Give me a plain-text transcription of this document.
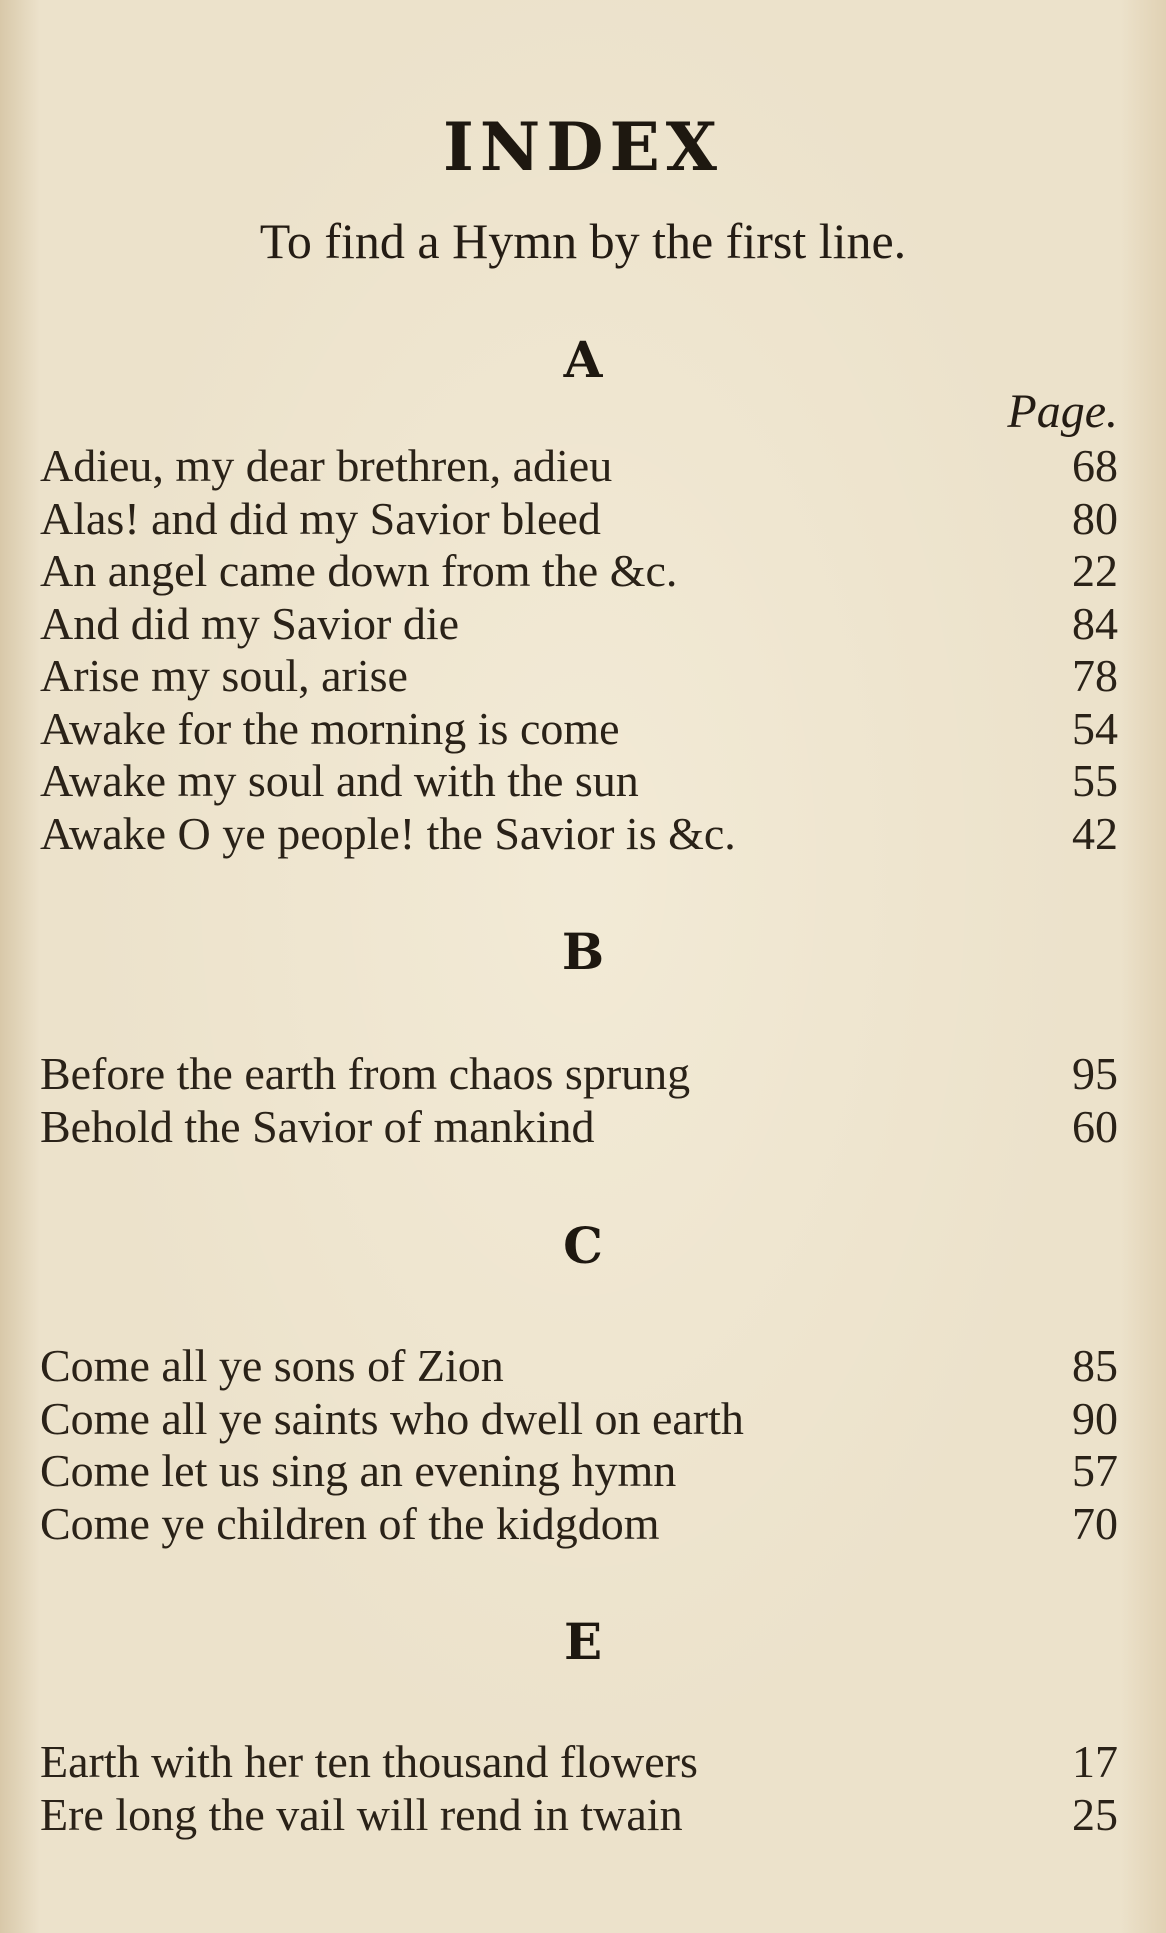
INDEX
To find a Hymn by the first line.
A
Page.
Adieu, my dear brethren, adieu	68
Alas! and did my Savior bleed	80
An angel came down from the &c.	22
And did my Savior die	84
Arise my soul, arise	78
Awake for the morning is come	54
Awake my soul and with the sun	55
Awake O ye people! the Savior is &c.	42
B
Before the earth from chaos sprung	95
Behold the Savior of mankind	60
C
Come all ye sons of Zion	85
Come all ye saints who dwell on earth	90
Come let us sing an evening hymn	57
Come ye children of the kidgdom	70
E
Earth with her ten thousand flowers	17
Ere long the vail will rend in twain	25
